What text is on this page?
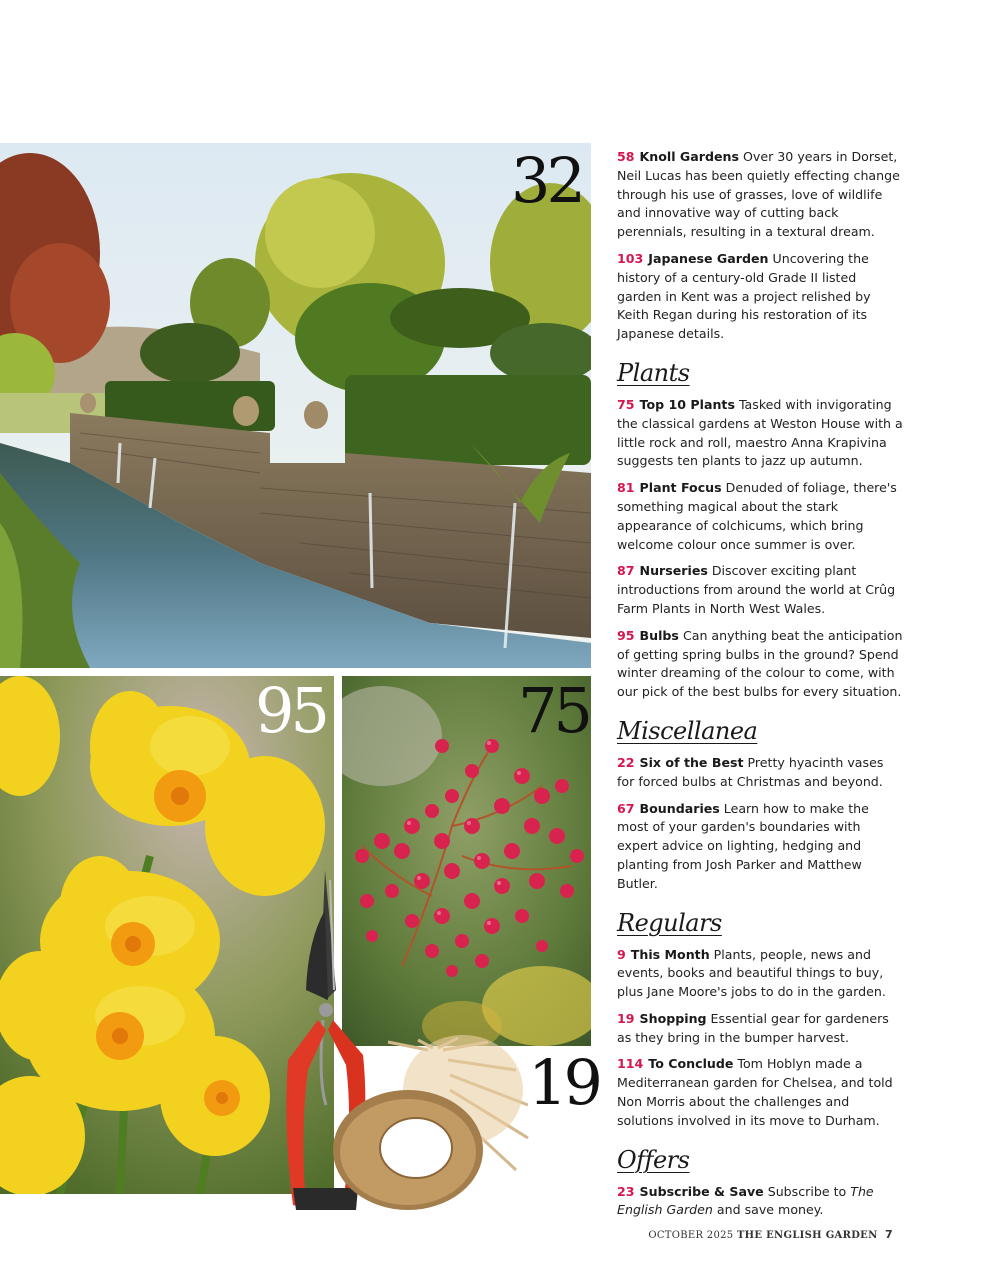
32
95	75
19

58 Knoll Gardens Over 30 years in Dorset, Neil Lucas has been quietly effecting change through his use of grasses, love of wildlife and innovative way of cutting back perennials, resulting in a textural dream.

103 Japanese Garden Uncovering the history of a century-old Grade II listed garden in Kent was a project relished by Keith Regan during his restoration of its Japanese details.

Plants

75 Top 10 Plants Tasked with invigorating the classical gardens at Weston House with a little rock and roll, maestro Anna Krapivina suggests ten plants to jazz up autumn.

81 Plant Focus Denuded of foliage, there's something magical about the stark appearance of colchicums, which bring welcome colour once summer is over.

87 Nurseries Discover exciting plant introductions from around the world at Crûg Farm Plants in North West Wales.

95 Bulbs Can anything beat the anticipation of getting spring bulbs in the ground? Spend winter dreaming of the colour to come, with our pick of the best bulbs for every situation.

Miscellanea

22 Six of the Best Pretty hyacinth vases for forced bulbs at Christmas and beyond.

67 Boundaries Learn how to make the most of your garden's boundaries with expert advice on lighting, hedging and planting from Josh Parker and Matthew Butler.

Regulars

9 This Month Plants, people, news and events, books and beautiful things to buy, plus Jane Moore's jobs to do in the garden.

19 Shopping Essential gear for gardeners as they bring in the bumper harvest.

114 To Conclude Tom Hoblyn made a Mediterranean garden for Chelsea, and told Non Morris about the challenges and solutions involved in its move to Durham.

Offers

23 Subscribe & Save Subscribe to The English Garden and save money.

OCTOBER 2025 THE ENGLISH GARDEN 7
